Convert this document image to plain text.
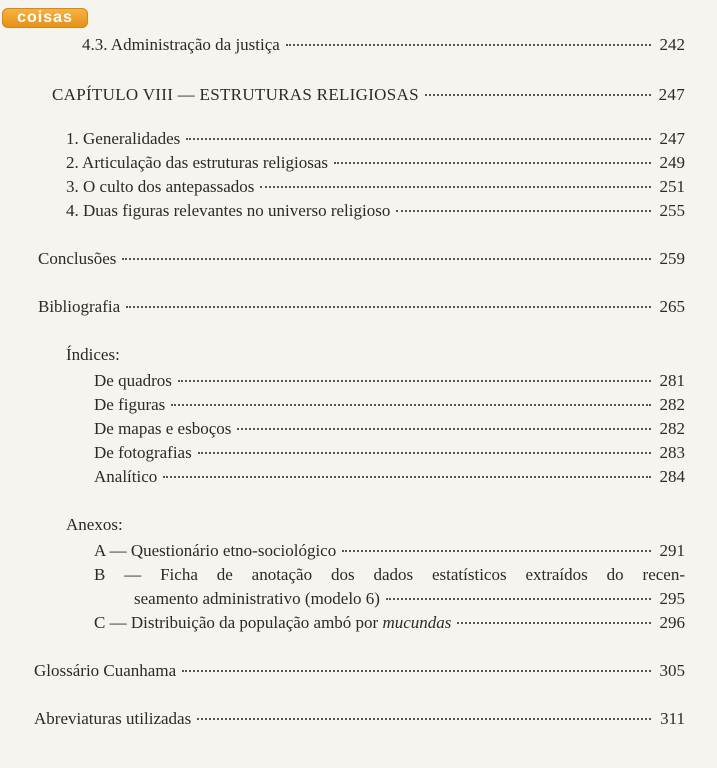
coisas
4.3. Administração da justiça	242
CAPÍTULO VIII — ESTRUTURAS RELIGIOSAS	247
1. Generalidades	247
2. Articulação das estruturas religiosas	249
3. O culto dos antepassados	251
4. Duas figuras relevantes no universo religioso	255
Conclusões	259
Bibliografia	265
Índices:
De quadros	281
De figuras	282
De mapas e esboços	282
De fotografias	283
Analítico	284
Anexos:
A — Questionário etno-sociológico	291
B — Ficha de anotação dos dados estatísticos extraídos do recen-
seamento administrativo (modelo 6)	295
C — Distribuição da população ambó por mucundas	296
Glossário Cuanhama	305
Abreviaturas utilizadas	311
